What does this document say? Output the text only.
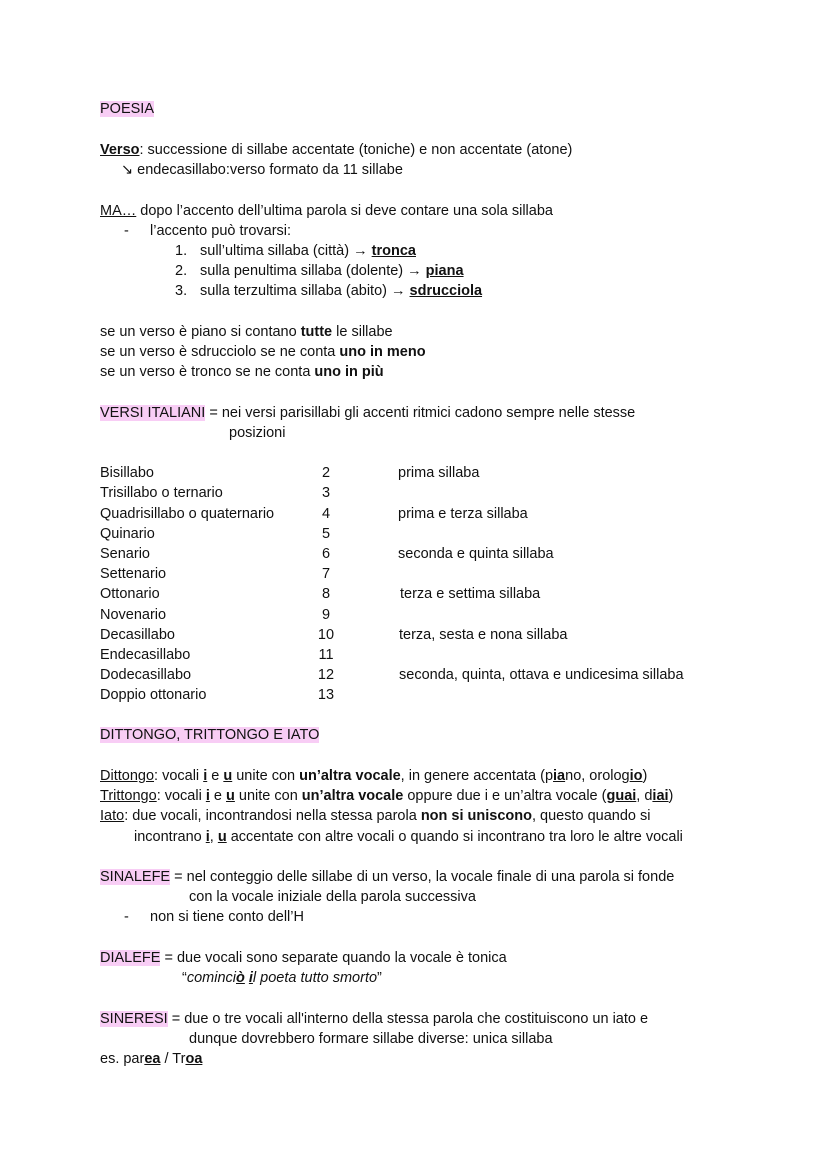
POESIA
Verso: successione di sillabe accentate (toniche) e non accentate (atone)
↘ endecasillabo:verso formato da 11 sillabe
MA… dopo l’accento dell’ultima parola si deve contare una sola sillaba
- l’accento può trovarsi:
1. sull’ultima sillaba (città) → tronca
2. sulla penultima sillaba (dolente) → piana
3. sulla terzultima sillaba (abito) → sdrucciola
se un verso è piano si contano tutte le sillabe
se un verso è sdrucciolo se ne conta uno in meno
se un verso è tronco se ne conta uno in più
VERSI ITALIANI = nei versi parisillabi gli accenti ritmici cadono sempre nelle stesse
posizioni
Bisillabo	2	prima sillaba
Trisillabo o ternario	3
Quadrisillabo o quaternario	4	prima e terza sillaba
Quinario	5
Senario	6	seconda e quinta sillaba
Settenario	7
Ottonario	8	terza e settima sillaba
Novenario	9
Decasillabo	10	terza, sesta e nona sillaba
Endecasillabo	11
Dodecasillabo	12	seconda, quinta, ottava e undicesima sillaba
Doppio ottonario	13
DITTONGO, TRITTONGO E IATO
Dittongo: vocali i e u unite con un’altra vocale, in genere accentata (piano, orologio)
Trittongo: vocali i e u unite con un’altra vocale oppure due i e un’altra vocale (guai, diai)
Iato: due vocali, incontrandosi nella stessa parola non si uniscono, questo quando si
incontrano i, u accentate con altre vocali o quando si incontrano tra loro le altre vocali
SINALEFE = nel conteggio delle sillabe di un verso, la vocale finale di una parola si fonde
con la vocale iniziale della parola successiva
- non si tiene conto dell’H
DIALEFE = due vocali sono separate quando la vocale è tonica
“cominciò il poeta tutto smorto”
SINERESI = due o tre vocali all'interno della stessa parola che costituiscono un iato e
dunque dovrebbero formare sillabe diverse: unica sillaba
es. parea / Troa
